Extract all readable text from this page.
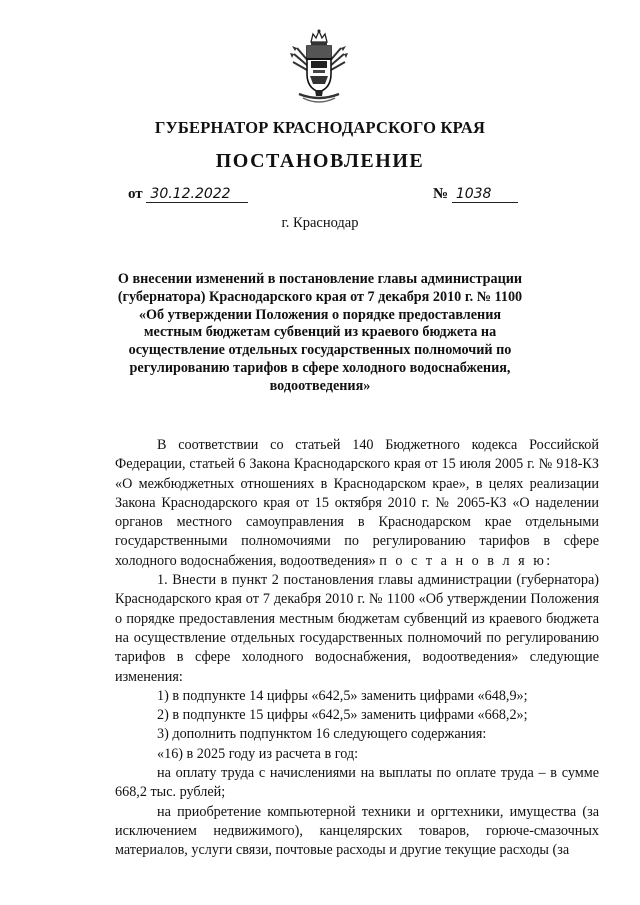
ГУБЕРНАТОР КРАСНОДАРСКОГО КРАЯ
ПОСТАНОВЛЕНИЕ
от 30.12.2022	№ 1038
г. Краснодар
О внесении изменений в постановление главы администрации (губернатора) Краснодарского края от 7 декабря 2010 г. № 1100 «Об утверждении Положения о порядке предоставления местным бюджетам субвенций из краевого бюджета на осуществление отдельных государственных полномочий по регулированию тарифов в сфере холодного водоснабжения, водоотведения»

В соответствии со статьей 140 Бюджетного кодекса Российской Федерации, статьей 6 Закона Краснодарского края от 15 июля 2005 г. № 918-КЗ «О межбюджетных отношениях в Краснодарском крае», в целях реализации Закона Краснодарского края от 15 октября 2010 г. № 2065-КЗ «О наделении органов местного самоуправления в Краснодарском крае отдельными государственными полномочиями по регулированию тарифов в сфере холодного водоснабжения, водоотведения» п о с т а н о в л я ю:

1. Внести в пункт 2 постановления главы администрации (губернатора) Краснодарского края от 7 декабря 2010 г. № 1100 «Об утверждении Положения о порядке предоставления местным бюджетам субвенций из краевого бюджета на осуществление отдельных государственных полномочий по регулированию тарифов в сфере холодного водоснабжения, водоотведения» следующие изменения:

1) в подпункте 14 цифры «642,5» заменить цифрами «648,9»;

2) в подпункте 15 цифры «642,5» заменить цифрами «668,2»;

3) дополнить подпунктом 16 следующего содержания:

«16) в 2025 году из расчета в год:

на оплату труда с начислениями на выплаты по оплате труда – в сумме 668,2 тыс. рублей;

на приобретение компьютерной техники и оргтехники, имущества (за исключением недвижимого), канцелярских товаров, горюче-смазочных материалов, услуги связи, почтовые расходы и другие текущие расходы (за
